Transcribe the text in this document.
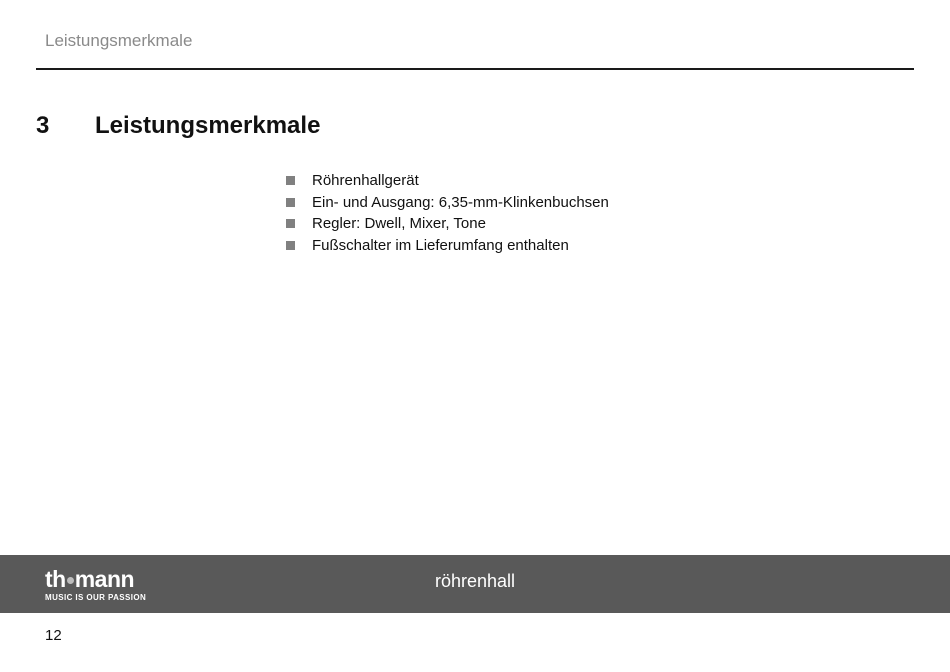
Leistungsmerkmale
3 Leistungsmerkmale
Röhrenhallgerät
Ein- und Ausgang: 6,35-mm-Klinkenbuchsen
Regler: Dwell, Mixer, Tone
Fußschalter im Lieferumfang enthalten
th mann
MUSIC IS OUR PASSION
röhrenhall
12
